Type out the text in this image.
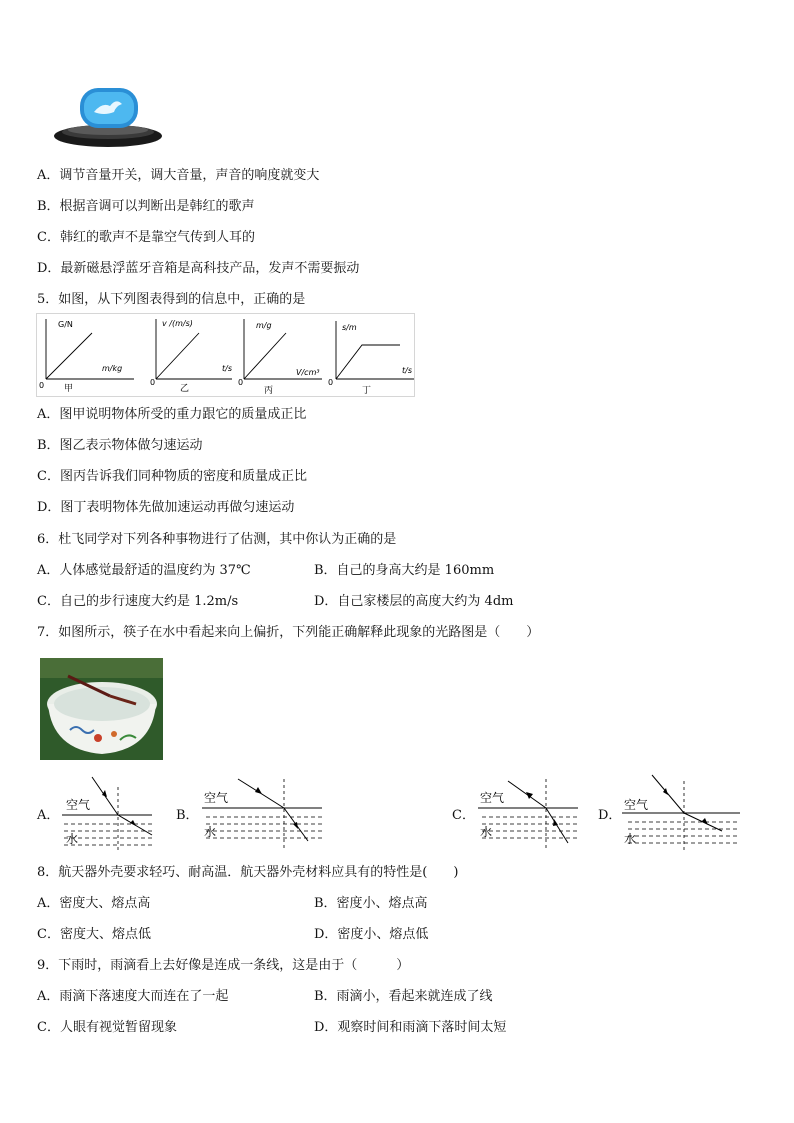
A．调节音量开关，调大音量，声音的响度就变大
B．根据音调可以判断出是韩红的歌声
C．韩红的歌声不是靠空气传到人耳的
D．最新磁悬浮蓝牙音箱是高科技产品，发声不需要振动
5．如图，从下列图表得到的信息中，正确的是
G/N
m/kg
0 甲
v /(m/s)
t/s
0
乙
m/g
V/cm³
0
丙
s/m
t/s
0
丁
A．图甲说明物体所受的重力跟它的质量成正比
B．图乙表示物体做匀速运动
C．图丙告诉我们同种物质的密度和质量成正比
D．图丁表明物体先做加速运动再做匀速运动
6．杜飞同学对下列各种事物进行了估测，其中你认为正确的是
A．人体感觉最舒适的温度约为 37℃	B．自己的身高大约是 160mm
C．自己的步行速度大约是 1.2m/s	D．自己家楼层的高度大约为 4dm
7．如图所示，筷子在水中看起来向上偏折，下列能正确解释此现象的光路图是（　　）
A．
空气
水
B．
空气
水
C．
空气
水
D．
空气
水
8．航天器外壳要求轻巧、耐高温．航天器外壳材料应具有的特性是(　　)
A．密度大、熔点高	B．密度小、熔点高
C．密度大、熔点低	D．密度小、熔点低
9．下雨时，雨滴看上去好像是连成一条线，这是由于（　　　）
A．雨滴下落速度大而连在了一起	B．雨滴小，看起来就连成了线
C．人眼有视觉暂留现象	D．观察时间和雨滴下落时间太短
